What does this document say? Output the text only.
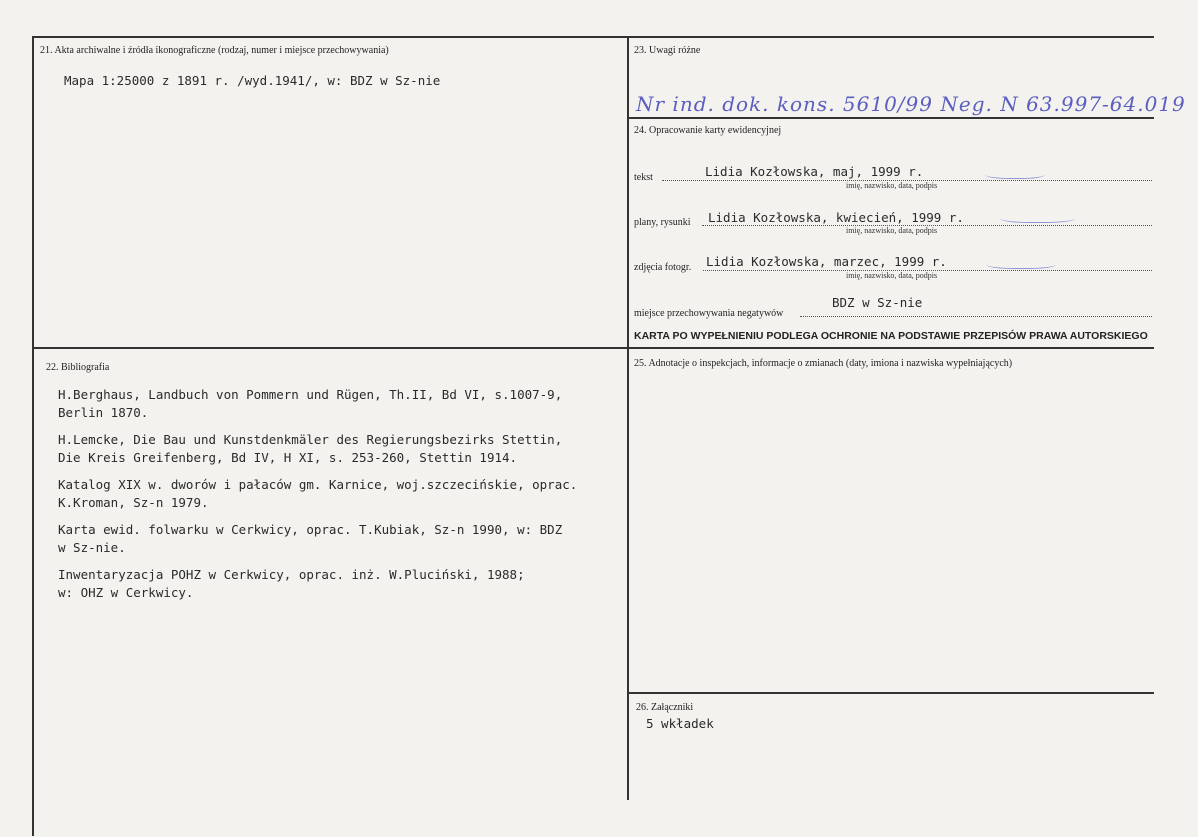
21. Akta archiwalne i źródła ikonograficzne (rodzaj, numer i miejsce przechowywania)
Mapa 1:25000 z 1891 r. /wyd.1941/, w: BDZ w Sz-nie
23. Uwagi różne
Nr ind. dok. kons. 5610/99 Neg. N 63.997-64.019
24. Opracowanie karty ewidencyjnej
tekst	Lidia Kozłowska, maj, 1999 r.
imię, nazwisko, data, podpis
plany, rysunki Lidia Kozłowska, kwiecień, 1999 r.
imię, nazwisko, data, podpis
zdjęcia fotogr. Lidia Kozłowska, marzec, 1999 r.
imię, nazwisko, data, podpis
miejsce przechowywania negatywów
BDZ w Sz-nie
KARTA PO WYPEŁNIENIU PODLEGA OCHRONIE NA PODSTAWIE PRZEPISÓW PRAWA AUTORSKIEGO
22. Bibliografia

H.Berghaus, Landbuch von Pommern und Rügen, Th.II, Bd VI, s.1007-9,
Berlin 1870.

H.Lemcke, Die Bau und Kunstdenkmäler des Regierungsbezirks Stettin,
Die Kreis Greifenberg, Bd IV, H XI, s. 253-260, Stettin 1914.

Katalog XIX w. dworów i pałaców gm. Karnice, woj.szczecińskie, oprac.
K.Kroman, Sz-n 1979.

Karta ewid. folwarku w Cerkwicy, oprac. T.Kubiak, Sz-n 1990, w: BDZ
w Sz-nie.

Inwentaryzacja POHZ w Cerkwicy, oprac. inż. W.Pluciński, 1988;
w: OHZ w Cerkwicy.

25. Adnotacje o inspekcjach, informacje o zmianach (daty, imiona i nazwiska wypełniających)
26. Załączniki
5 wkładek
